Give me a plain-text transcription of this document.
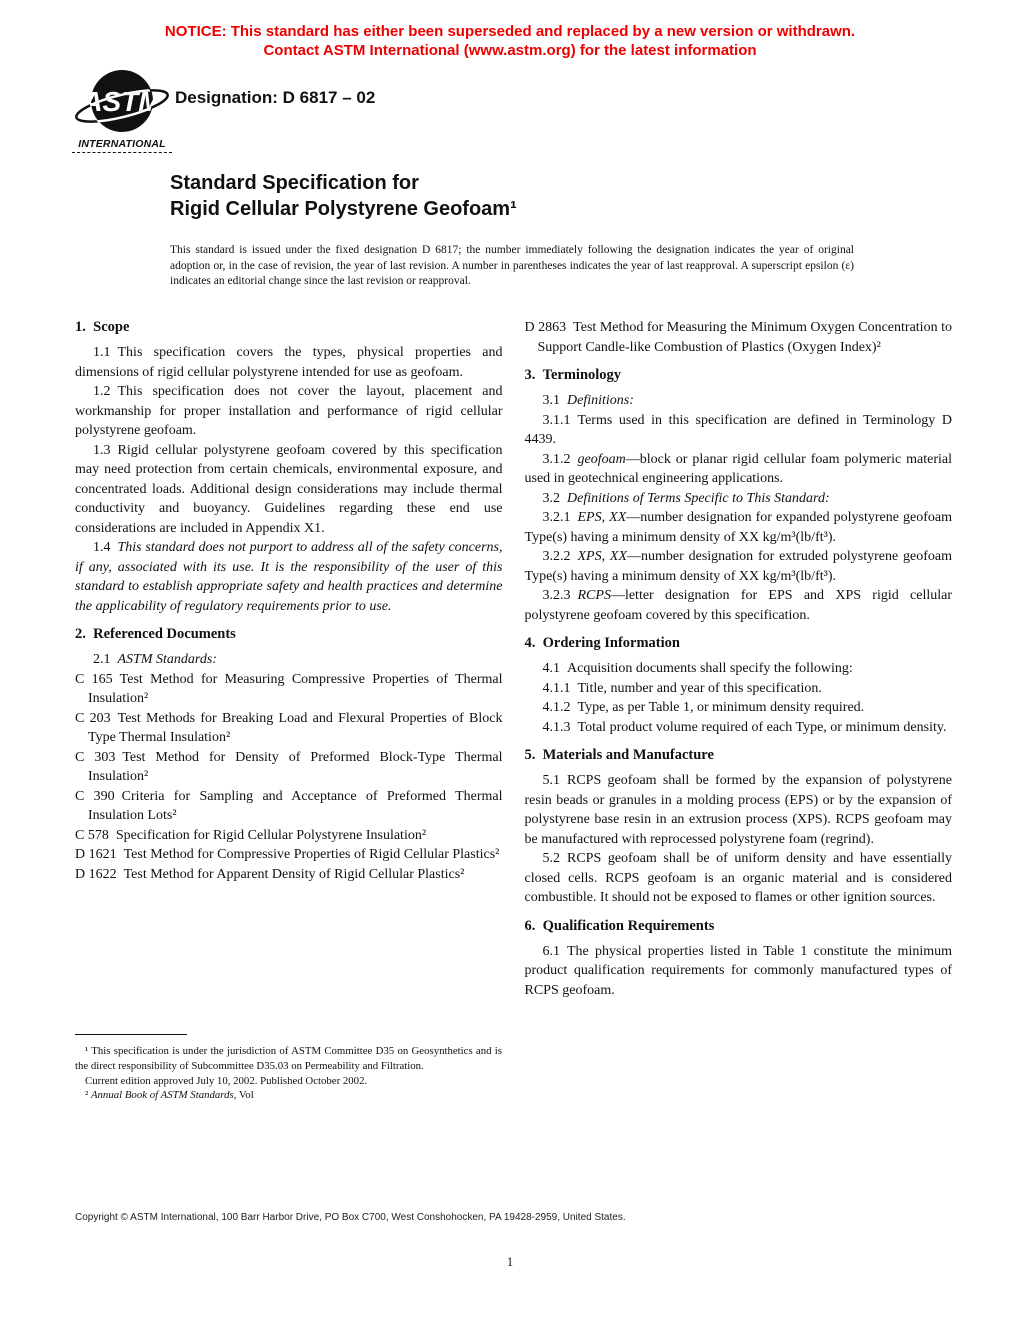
NOTICE: This standard has either been superseded and replaced by a new version or withdrawn.
Contact ASTM International (www.astm.org) for the latest information
ASTM
INTERNATIONAL
Designation: D 6817 – 02
Standard Specification for
Rigid Cellular Polystyrene Geofoam¹
This standard is issued under the fixed designation D 6817; the number immediately following the designation indicates the year of original adoption or, in the case of revision, the year of last revision. A number in parentheses indicates the year of last reapproval. A superscript epsilon (ε) indicates an editorial change since the last revision or reapproval.
1. Scope

1.1 This specification covers the types, physical properties and dimensions of rigid cellular polystyrene intended for use as geofoam.

1.2 This specification does not cover the layout, placement and workmanship for proper installation and performance of rigid cellular polystyrene geofoam.

1.3 Rigid cellular polystyrene geofoam covered by this specification may need protection from certain chemicals, environmental exposure, and concentrated loads. Additional design considerations may include thermal conductivity and buoyancy. Guidelines regarding these end use considerations are included in Appendix X1.

1.4 This standard does not purport to address all of the safety concerns, if any, associated with its use. It is the responsibility of the user of this standard to establish appropriate safety and health practices and determine the applicability of regulatory requirements prior to use.

2. Referenced Documents

2.1 ASTM Standards:

C 165 Test Method for Measuring Compressive Properties of Thermal Insulation²
C 203 Test Methods for Breaking Load and Flexural Properties of Block Type Thermal Insulation²
C 303 Test Method for Density of Preformed Block-Type Thermal Insulation²
C 390 Criteria for Sampling and Acceptance of Preformed Thermal Insulation Lots²
C 578 Specification for Rigid Cellular Polystyrene Insulation²
D 1621 Test Method for Compressive Properties of Rigid Cellular Plastics²
D 1622 Test Method for Apparent Density of Rigid Cellular Plastics²
D 2863 Test Method for Measuring the Minimum Oxygen Concentration to Support Candle-like Combustion of Plastics (Oxygen Index)²
3. Terminology

3.1 Definitions:

3.1.1 Terms used in this specification are defined in Terminology D 4439.

3.1.2 geofoam—block or planar rigid cellular foam polymeric material used in geotechnical engineering applications.

3.2 Definitions of Terms Specific to This Standard:

3.2.1 EPS, XX—number designation for expanded polystyrene geofoam Type(s) having a minimum density of XX kg/m³(lb/ft³).

3.2.2 XPS, XX—number designation for extruded polystyrene geofoam Type(s) having a minimum density of XX kg/m³(lb/ft³).

3.2.3 RCPS—letter designation for EPS and XPS rigid cellular polystyrene geofoam covered by this specification.

4. Ordering Information

4.1 Acquisition documents shall specify the following:

4.1.1 Title, number and year of this specification.

4.1.2 Type, as per Table 1, or minimum density required.

4.1.3 Total product volume required of each Type, or minimum density.

5. Materials and Manufacture

5.1 RCPS geofoam shall be formed by the expansion of polystyrene resin beads or granules in a molding process (EPS) or by the expansion of polystyrene base resin in an extrusion process (XPS). RCPS geofoam may be manufactured with reprocessed polystyrene foam (regrind).

5.2 RCPS geofoam shall be of uniform density and have essentially closed cells. RCPS geofoam is an organic material and is considered combustible. It should not be exposed to flames or other ignition sources.

6. Qualification Requirements

6.1 The physical properties listed in Table 1 constitute the minimum product qualification requirements for commonly manufactured types of RCPS geofoam.

¹ This specification is under the jurisdiction of ASTM Committee D35 on Geosynthetics and is the direct responsibility of Subcommittee D35.03 on Permeability and Filtration.

Current edition approved July 10, 2002. Published October 2002.

² Annual Book of ASTM Standards, Vol

Copyright © ASTM International, 100 Barr Harbor Drive, PO Box C700, West Conshohocken, PA 19428-2959, United States.
1
